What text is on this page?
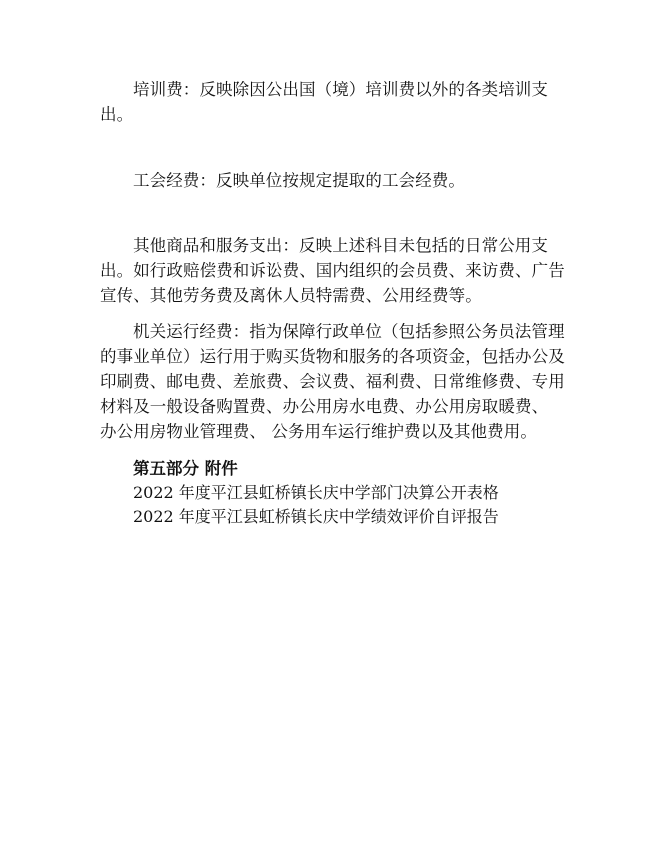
培训费：反映除因公出国（境）培训费以外的各类培训支出。

工会经费：反映单位按规定提取的工会经费。

其他商品和服务支出：反映上述科目未包括的日常公用支出。如行政赔偿费和诉讼费、国内组织的会员费、来访费、广告宣传、其他劳务费及离休人员特需费、公用经费等。

机关运行经费：指为保障行政单位（包括参照公务员法管理的事业单位）运行用于购买货物和服务的各项资金，包括办公及印刷费、邮电费、差旅费、会议费、福利费、日常维修费、专用材料及一般设备购置费、办公用房水电费、办公用房取暖费、 办公用房物业管理费、 公务用车运行维护费以及其他费用。

第五部分 附件

2022 年度平江县虹桥镇长庆中学部门决算公开表格

2022 年度平江县虹桥镇长庆中学绩效评价自评报告
